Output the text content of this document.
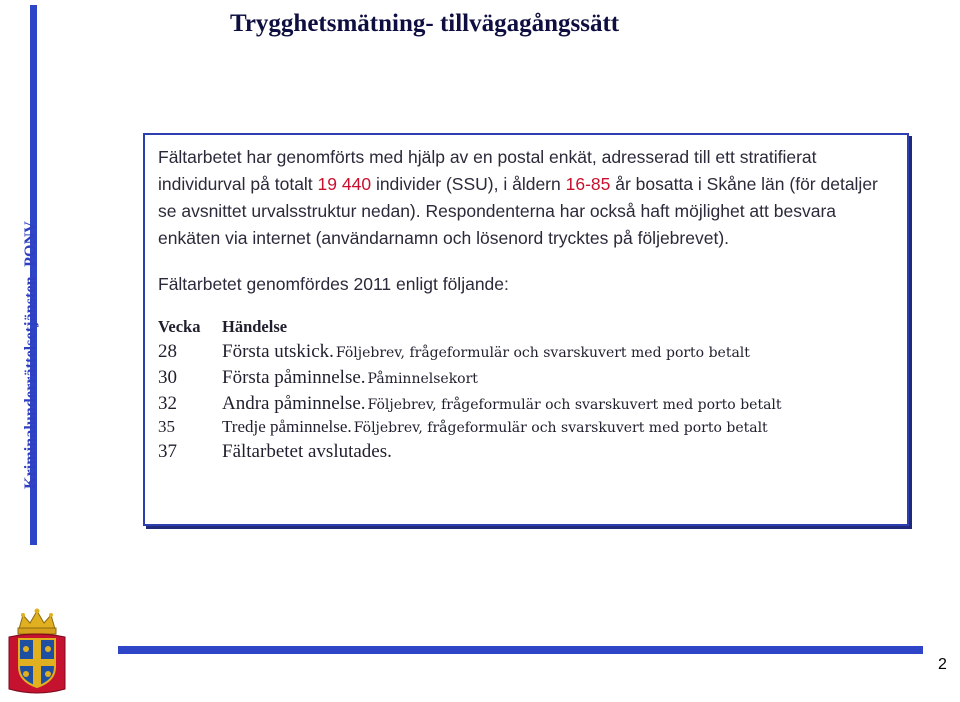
Kriminalunderrättelsetjänsten- PONV
Trygghetsmätning- tillvägagångssätt

Fältarbetet har genomförts med hjälp av en postal enkät, adresserad till ett stratifierat individurval på totalt 19 440 individer (SSU), i åldern 16-85 år bosatta i Skåne län (för detaljer se avsnittet urvalsstruktur nedan). Respondenterna har också haft möjlighet att besvara enkäten via internet (användarnamn och lösenord trycktes på följebrevet).

Fältarbetet genomfördes 2011 enligt följande:
Vecka	Händelse
28	Första utskick. Följebrev, frågeformulär och svarskuvert med porto betalt
30	Första påminnelse. Påminnelsekort
32	Andra påminnelse. Följebrev, frågeformulär och svarskuvert med porto betalt
35	Tredje påminnelse. Följebrev, frågeformulär och svarskuvert med porto betalt
37	Fältarbetet avslutades.
2
